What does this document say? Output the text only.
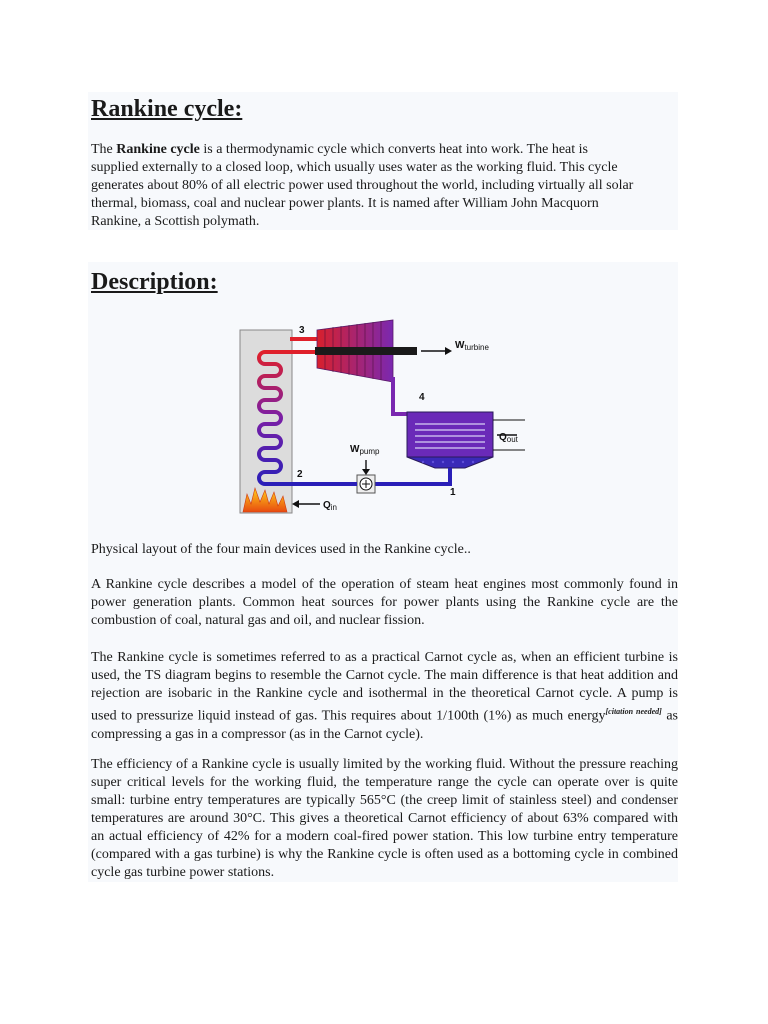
Rankine cycle:

The Rankine cycle is a thermodynamic cycle which converts heat into work. The heat is supplied externally to a closed loop, which usually uses water as the working fluid. This cycle generates about 80% of all electric power used throughout the world, including virtually all solar thermal, biomass, coal and nuclear power plants. It is named after William John Macquorn Rankine, a Scottish polymath.

Description:
3
4
2
1
$W_{turbine}$
$W_{pump}$
$Q_{out}$
$Q_{in}$

Physical layout of the four main devices used in the Rankine cycle..

A Rankine cycle describes a model of the operation of steam heat engines most commonly found in power generation plants. Common heat sources for power plants using the Rankine cycle are the combustion of coal, natural gas and oil, and nuclear fission.

The Rankine cycle is sometimes referred to as a practical Carnot cycle as, when an efficient turbine is used, the TS diagram begins to resemble the Carnot cycle. The main difference is that heat addition and rejection are isobaric in the Rankine cycle and isothermal in the theoretical Carnot cycle. A pump is used to pressurize liquid instead of gas. This requires about 1/100th (1%) as much energy[citation needed] as compressing a gas in a compressor (as in the Carnot cycle).

The efficiency of a Rankine cycle is usually limited by the working fluid. Without the pressure reaching super critical levels for the working fluid, the temperature range the cycle can operate over is quite small: turbine entry temperatures are typically 565°C (the creep limit of stainless steel) and condenser temperatures are around 30°C. This gives a theoretical Carnot efficiency of about 63% compared with an actual efficiency of 42% for a modern coal-fired power station. This low turbine entry temperature (compared with a gas turbine) is why the Rankine cycle is often used as a bottoming cycle in combined cycle gas turbine power stations.
